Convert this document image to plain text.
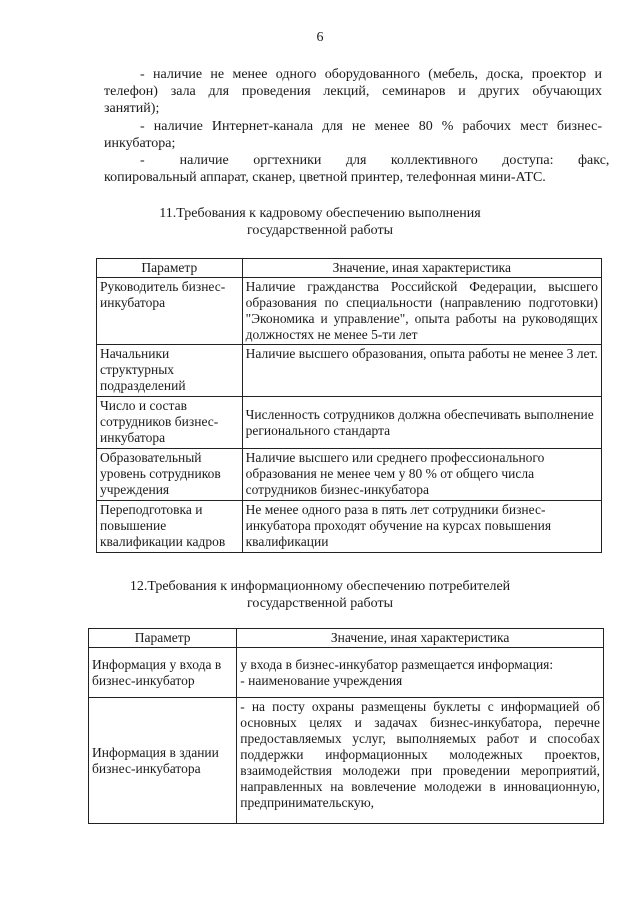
6
- наличие не менее одного оборудованного (мебель, доска, проектор и
телефон) зала для проведения лекций, семинаров и других обучающих
занятий);
- наличие Интернет-канала для не менее 80 % рабочих мест бизнес-
инкубатора;
-          наличие       оргтехники       для       коллективного       доступа:       факс,
копировальный аппарат, сканер, цветной принтер, телефонная мини-АТС.
11.Требования к кадровому обеспечению выполнения
государственной работы
Параметр	Значение, иная характеристика
Руководитель бизнес-инкубатора	Наличие гражданства Российской Федерации, высшего образования по специальности (направлению подготовки) "Экономика и управление", опыта работы на руководящих должностях не менее 5-ти лет
Начальники структурных подразделений	Наличие высшего образования, опыта работы не менее 3 лет.
Число и состав сотрудников бизнес-инкубатора	Численность сотрудников должна обеспечивать выполнение регионального стандарта
Образовательный уровень сотрудников учреждения	Наличие высшего или среднего профессионального образования не менее чем у 80 % от общего числа сотрудников бизнес-инкубатора
Переподготовка и повышение квалификации кадров	Не менее одного раза в пять лет сотрудники бизнес-инкубатора проходят обучение на курсах повышения квалификации
12.Требования к информационному обеспечению потребителей
государственной работы
Параметр	Значение, иная характеристика
Информация у входа в бизнес-инкубатор	у входа в бизнес-инкубатор размещается информация:
- наименование учреждения

Информация в здании бизнес-инкубатора	- на посту охраны размещены буклеты с информацией об основных целях и задачах бизнес-инкубатора, перечне предоставляемых услуг, выполняемых работ и способах поддержки информационных молодежных проектов, взаимодействия молодежи при проведении мероприятий, направленных на вовлечение молодежи в инновационную, предпринимательскую,
